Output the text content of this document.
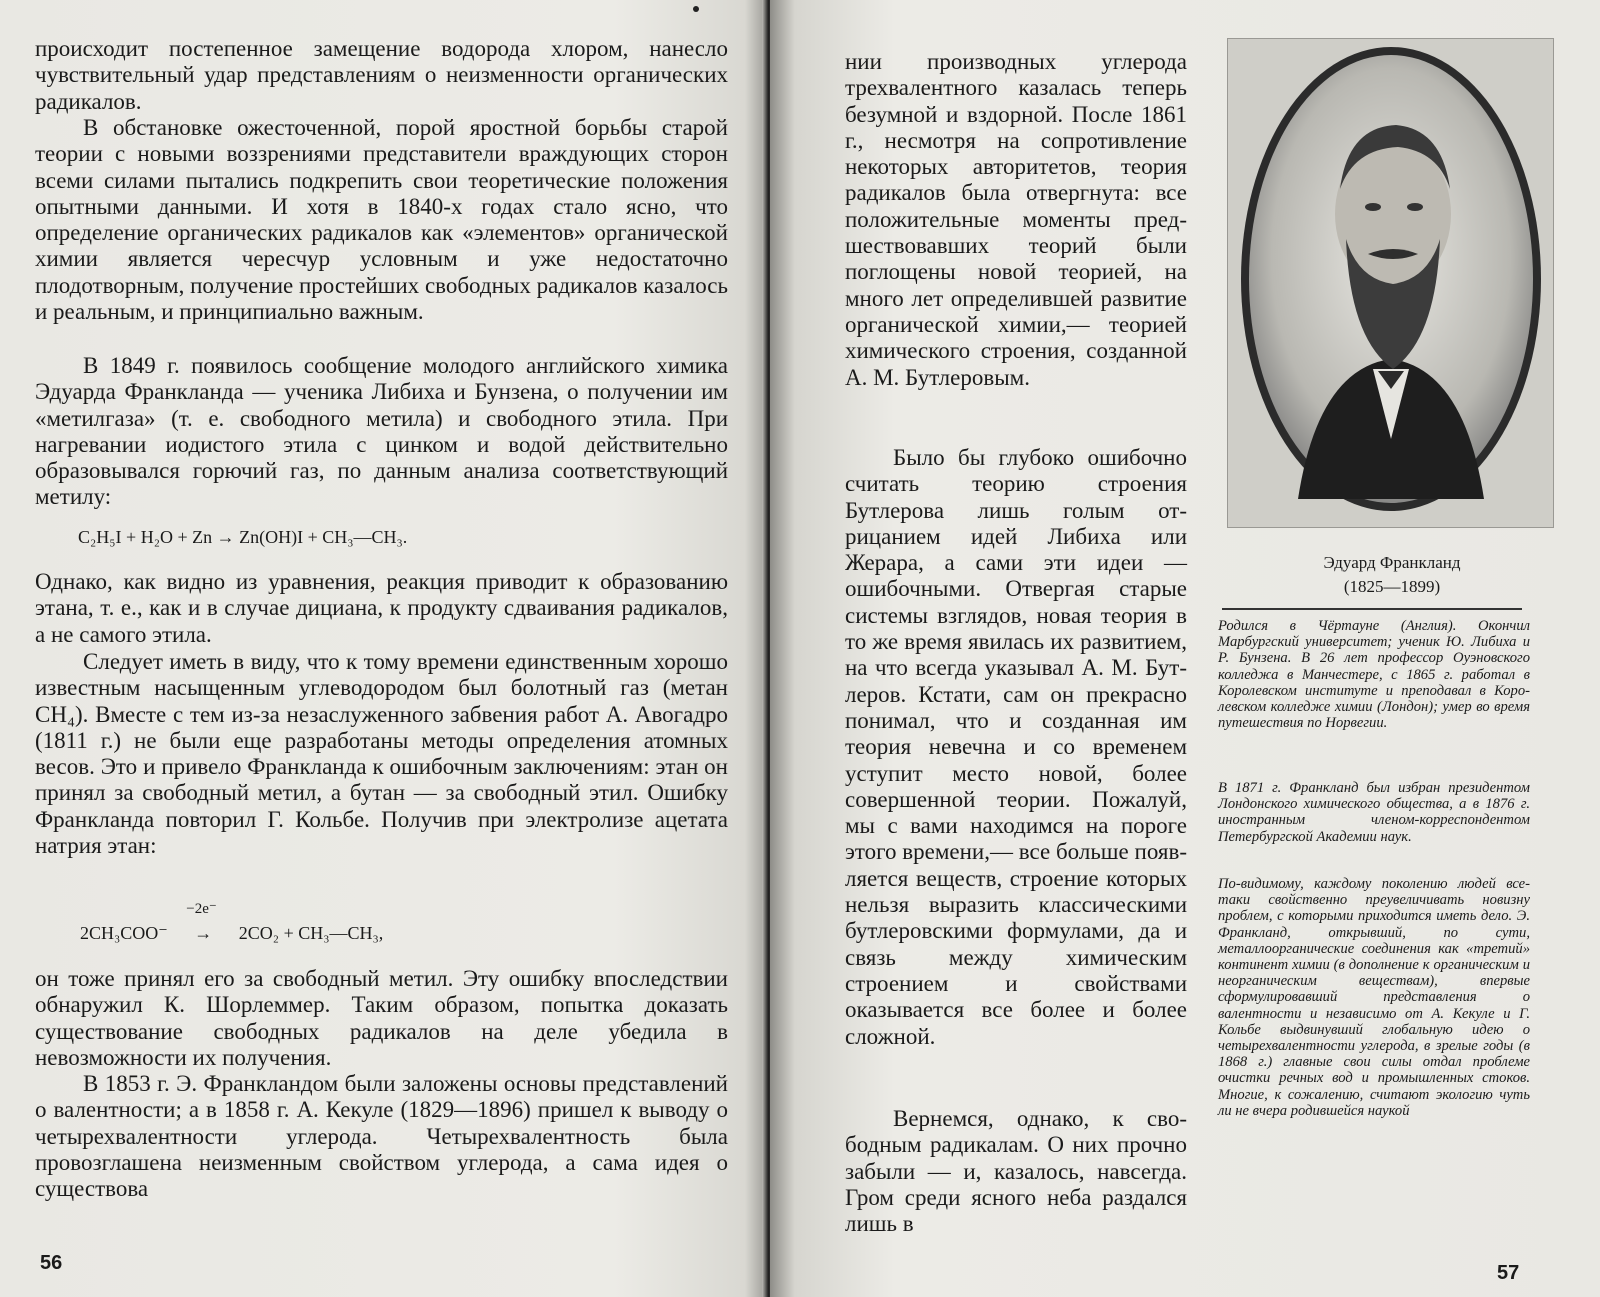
происходит постепенное замещение водорода хлором, нанесло чувствительный удар представлениям о неизменности органических радикалов.

В обстановке ожесточенной, порой яростной борьбы старой теории с новыми воззрениями представители враждующих сторон всеми силами пытались подкрепить свои теоретические положения опытными данными. И хотя в 1840-х годах стало ясно, что определение органических радикалов как «элементов» органической химии является чересчур условным и уже недостаточно плодотворным, получение простейших свободных радикалов казалось и реальным, и принципиально важным.

В 1849 г. появилось сообщение молодого английского химика Эдуарда Франкланда — ученика Либиха и Бунзена, о получении им «метилгаза» (т. е. свободного метила) и свободного этила. При нагревании иодистого этила с цинком и водой действительно образовывался горючий газ, по данным анализа соответствующий метилу:

C₂H₅I + H₂O + Zn → Zn(OH)I + CH₃—CH₃.

Однако, как видно из уравнения, реакция приводит к образованию этана, т. е., как и в случае дициана, к продукту сдваивания радикалов, а не самого этила.

Следует иметь в виду, что к тому времени единственным хорошо известным насыщенным углеводородом был болотный газ (метан CH₄). Вместе с тем из-за незаслуженного забвения работ А. Авогадро (1811 г.) не были еще разработаны методы определения атомных весов. Это и привело Франкланда к ошибочным заключениям: этан он принял за свободный метил, а бутан — за свободный этил. Ошибку Франкланда повторил Г. Кольбе. Получив при электролизе ацетата натрия этан:

2CH₃COO⁻
−2e⁻
→ 2CO₂ + CH₃—CH₃,

он тоже принял его за свободный метил. Эту ошибку впоследствии обнаружил К. Шорлеммер. Таким образом, попытка доказать существование свободных радикалов на деле убедила в невозможности их получения.

В 1853 г. Э. Франкландом были заложены основы представлений о валентности; а в 1858 г. А. Кекуле (1829—1896) пришел к выводу о четырехвалентности углерода. Четырехвалентность была провозглашена неизменным свойством углерода, а сама идея о существова

56

нии производных углерода трехвалентного казалась теперь безумной и вздорной. После 1861 г., несмотря на сопротивление некоторых авторитетов, теория радикалов была отвергнута: все положительные моменты предшествовавших теорий были поглощены новой теорией, на много лет определившей развитие органической химии,— теорией химического строения, созданной А. М. Бутлеровым.

Было бы глубоко ошибочно считать теорию строения Бутлерова лишь голым отрицанием идей Либиха или Жерара, а сами эти идеи — ошибочными. Отвергая старые системы взглядов, новая теория в то же время явилась их развитием, на что всегда указывал А. М. Бутлеров. Кстати, сам он прекрасно понимал, что и созданная им теория невечна и со временем уступит место новой, более совершенной теории. Пожалуй, мы с вами находимся на пороге этого времени,— все больше появляется веществ, строение которых нельзя выразить классическими бутлеровскими формулами, да и связь между химическим строением и свойствами оказывается все более и более сложной.

Вернемся, однако, к свободным радикалам. О них прочно забыли — и, казалось, навсегда. Гром среди ясного неба раздался лишь в

Эдуард Франкланд

(1825—1899)

Родился в Чёртауне (Англия). Окончил Марбургский университет; ученик Ю. Либиха и Р. Бунзена. В 26 лет профессор Оуэновского колледжа в Манчестере, с 1865 г. работал в Королевском институте и преподавал в Королевском колледже химии (Лондон); умер во время путешествия по Норвегии.

В 1871 г. Франкланд был избран президентом Лондонского химического общества, а в 1876 г. иностранным членом-корреспондентом Петербургской Академии наук.

По-видимому, каждому поколению людей все-таки свойственно преувеличивать новизну проблем, с которыми приходится иметь дело. Э. Франкланд, открывший, по сути, металлоорганические соединения как «третий» континент химии (в дополнение к органическим и неорганическим веществам), впервые сформулировавший представления о валентности и независимо от А. Кекуле и Г. Кольбе выдвинувший глобальную идею о четырехвалентности углерода, в зрелые годы (в 1868 г.) главные свои силы отдал проблеме очистки речных вод и промышленных стоков. Многие, к сожалению, считают экологию чуть ли не вчера родившейся наукой

57
